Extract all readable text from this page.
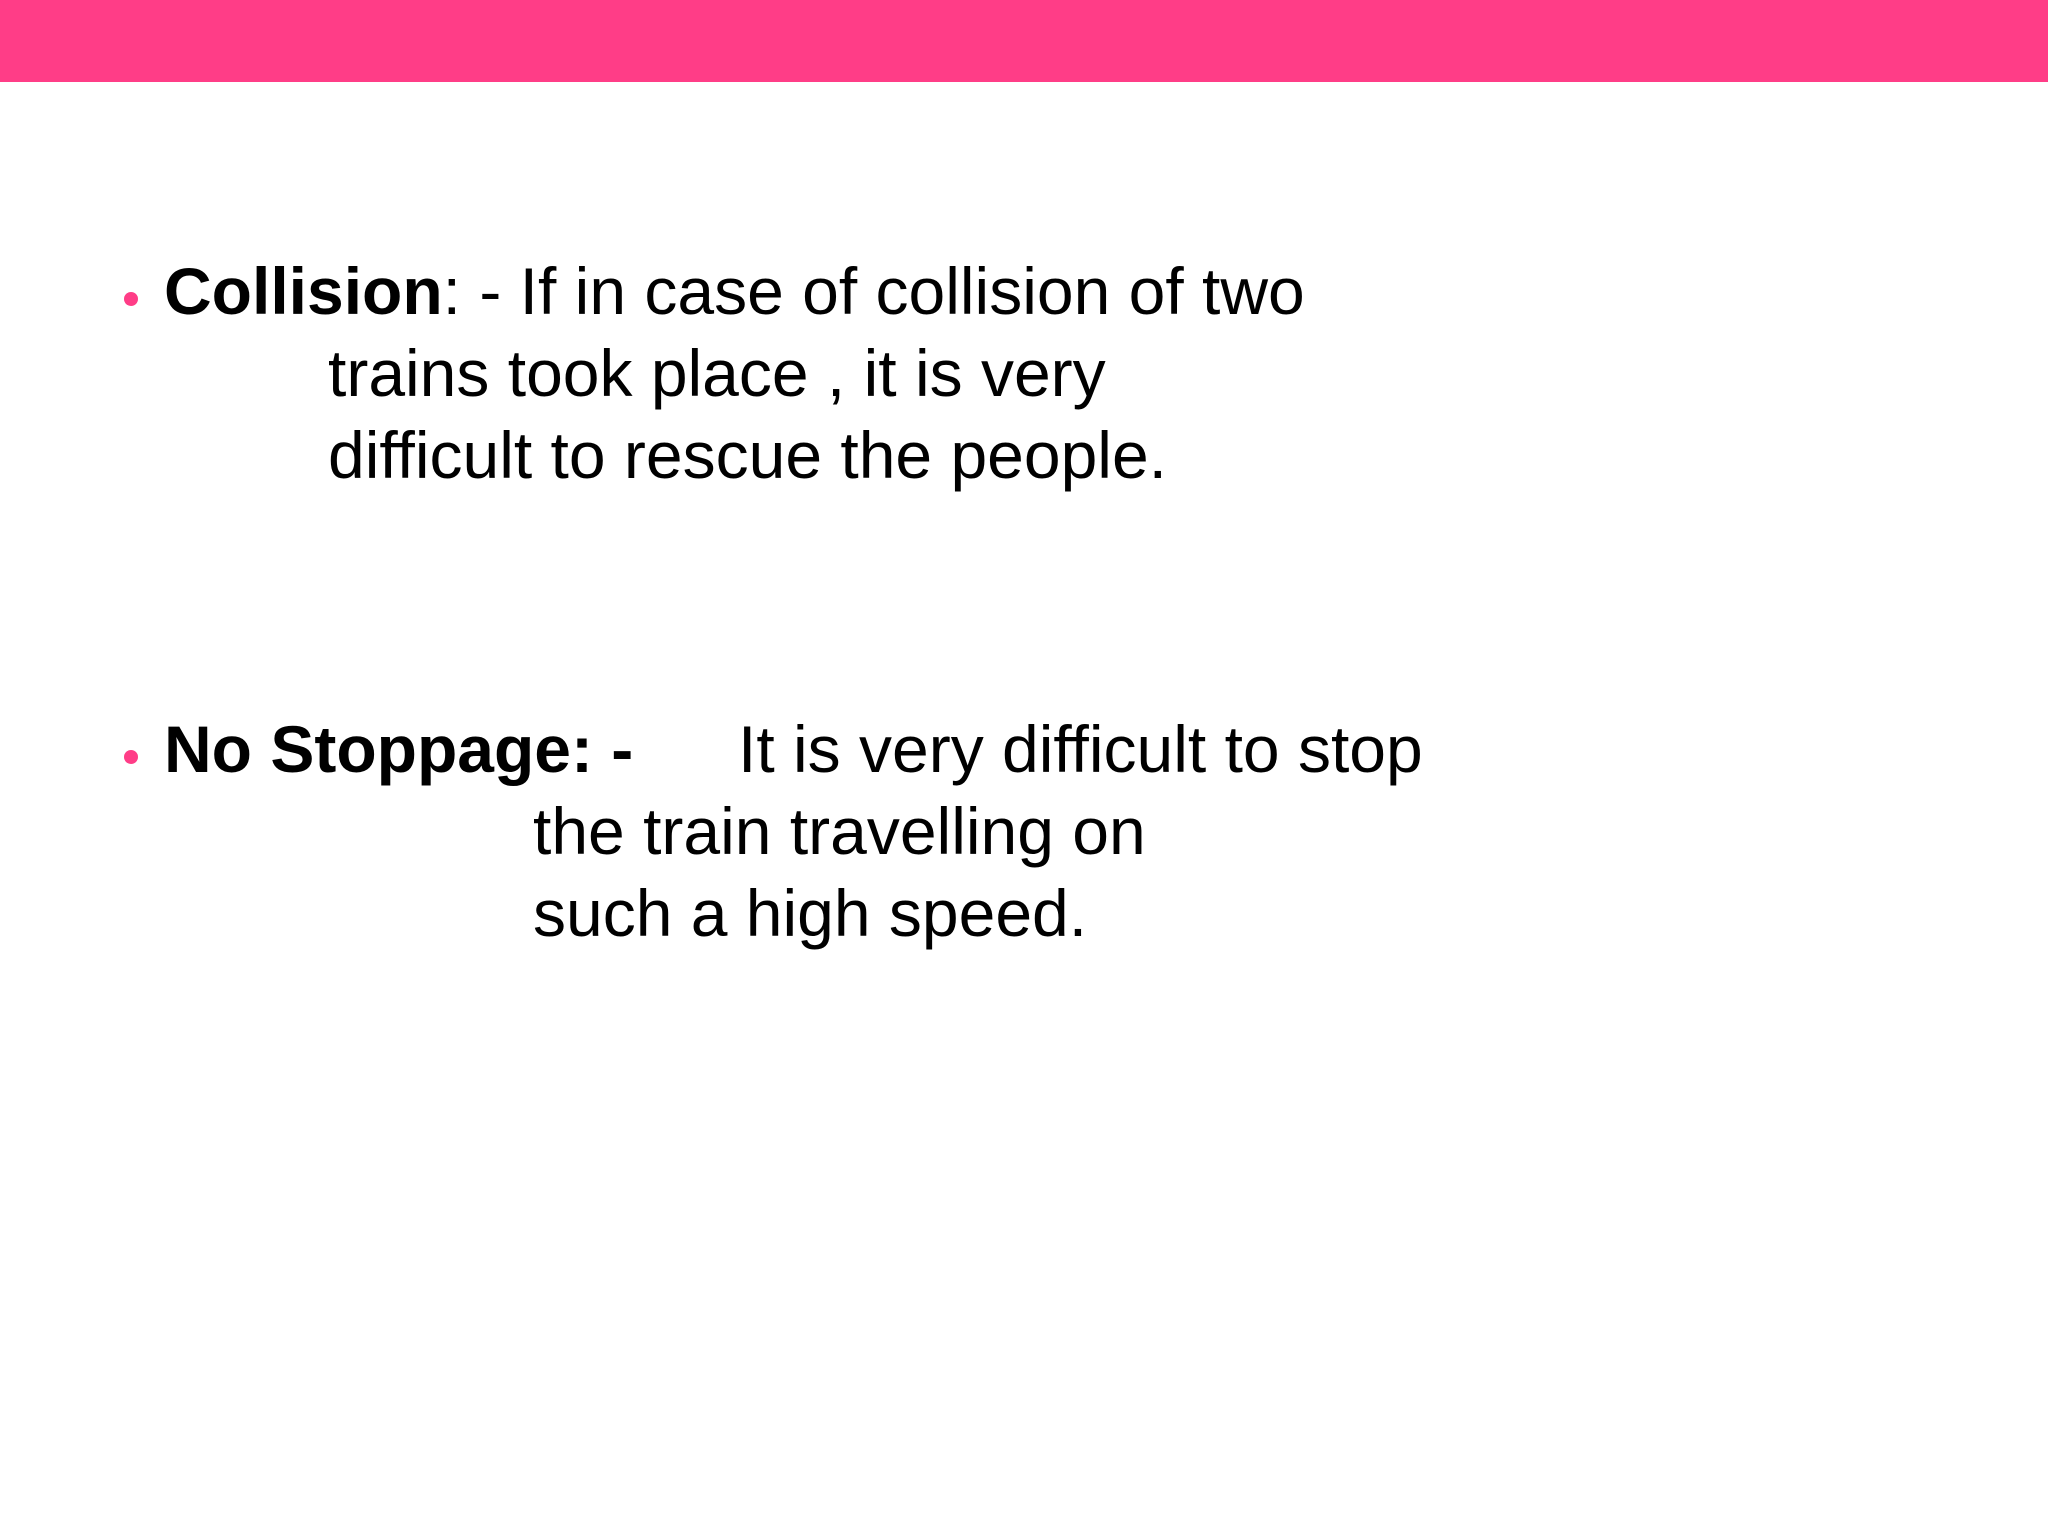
Collision: - If in case of collision of two
trains took place , it is very
difficult to rescue the people.
No Stoppage: - It is very difficult to stop
the train travelling on
such a high speed.
